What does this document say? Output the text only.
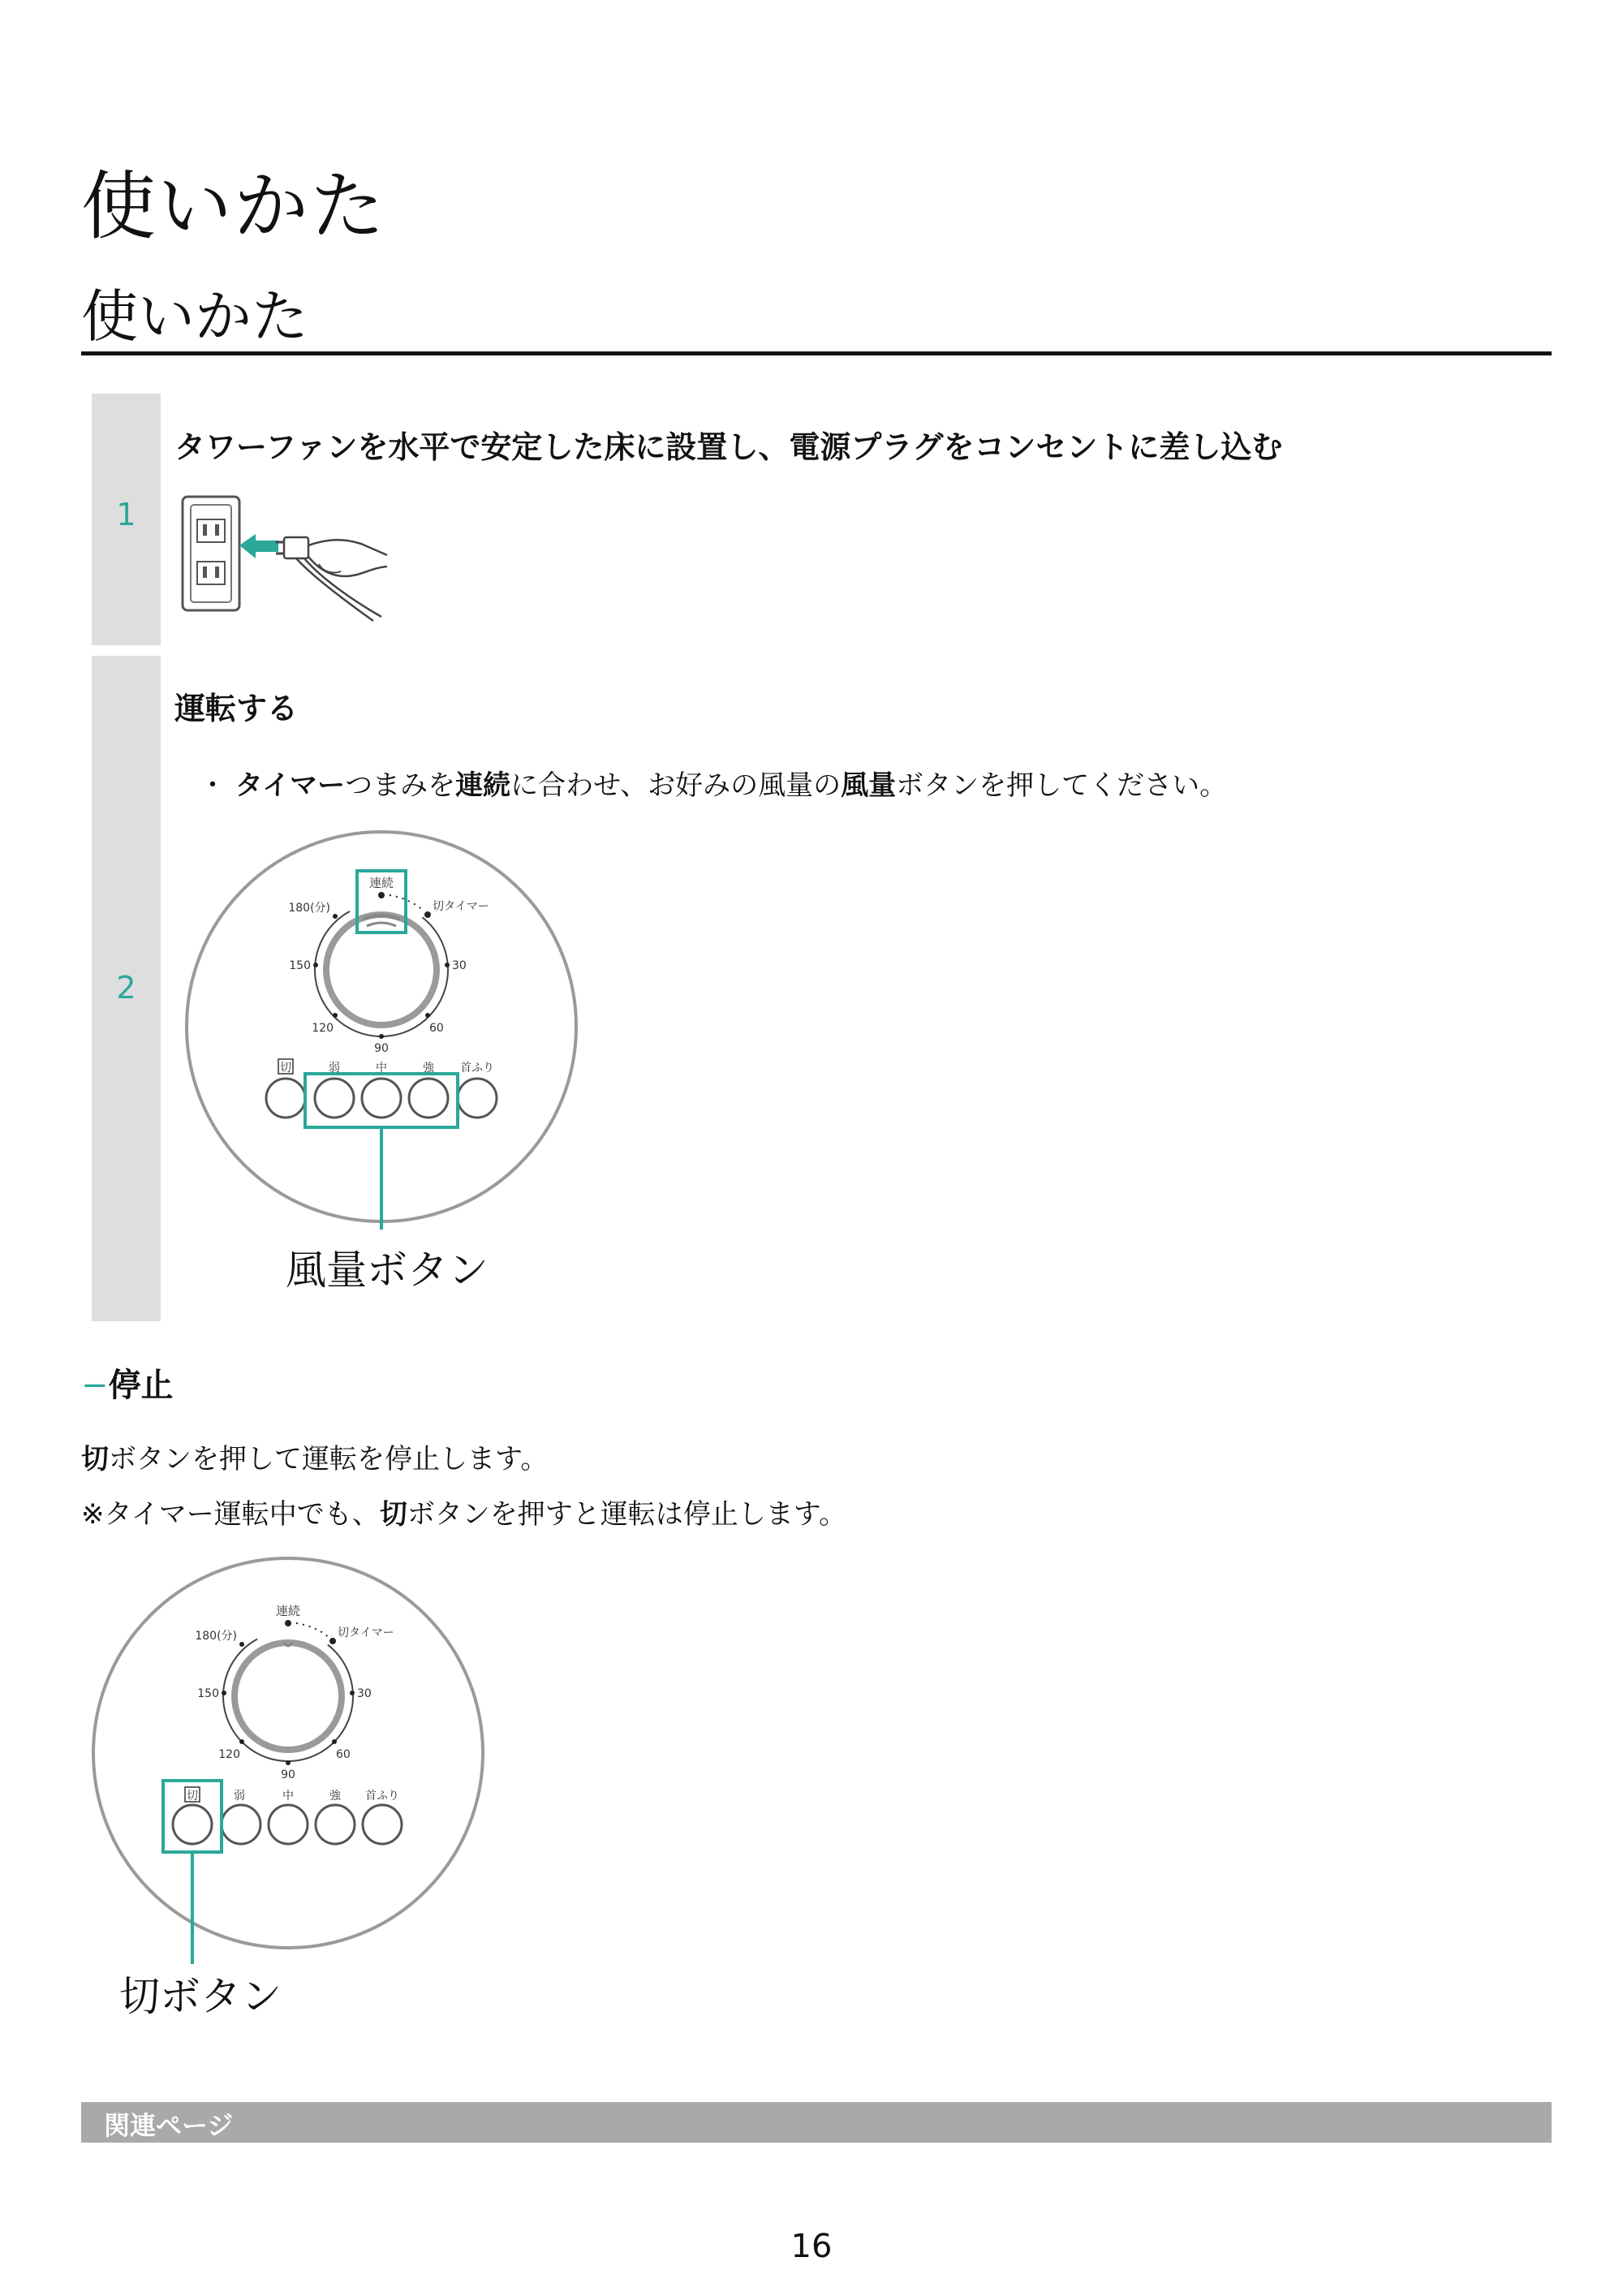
使いかた
使いかた
1
タワーファンを水平で安定した床に設置し、電源プラグをコンセントに差し込む
2
運転する
・ タイマーつまみを連続に合わせ、お好みの風量の風量ボタンを押してください。
連続
切タイマー
180(分)
150
120
90
60
30
切	弱	中	強 首ふり
風量ボタン
−停止
切ボタンを押して運転を停止します。
※タイマー運転中でも、切ボタンを押すと運転は停止します。
連続
切タイマー
180(分)
150
120
90
60
30
切	弱	中	強 首ふり
切ボタン
関連ページ
16
